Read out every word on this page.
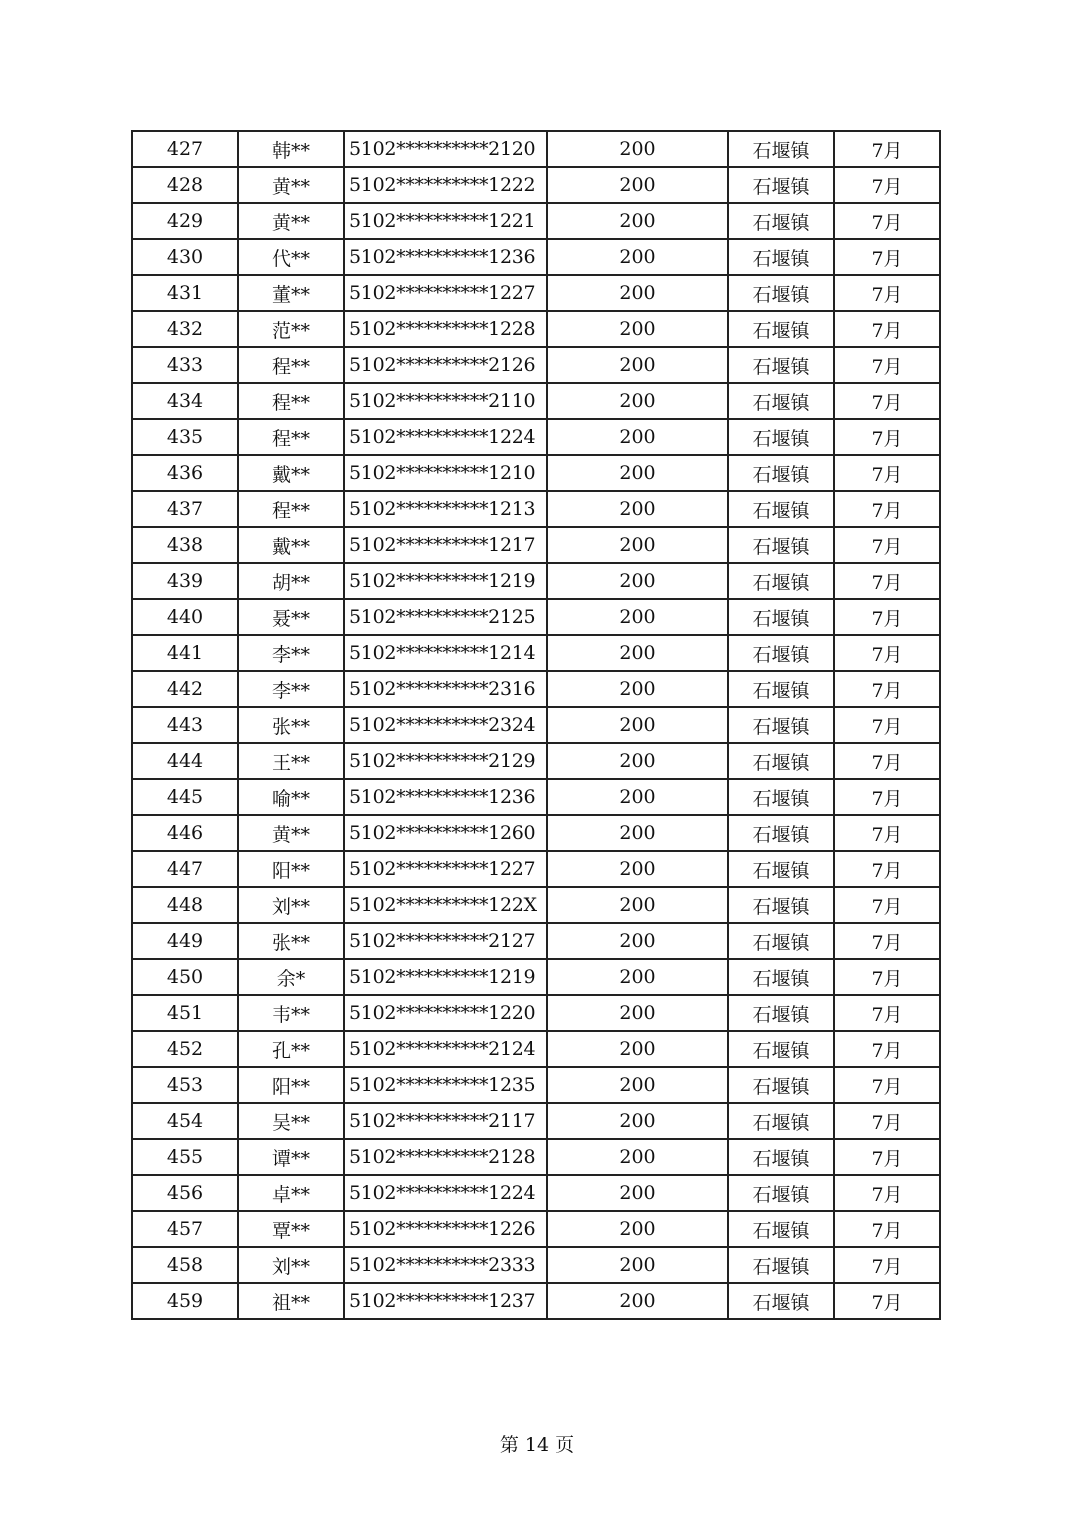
427	韩**	5102**********2120	200	石堰镇	7月
428	黄**	5102**********1222	200	石堰镇	7月
429	黄**	5102**********1221	200	石堰镇	7月
430	代**	5102**********1236	200	石堰镇	7月
431	董**	5102**********1227	200	石堰镇	7月
432	范**	5102**********1228	200	石堰镇	7月
433	程**	5102**********2126	200	石堰镇	7月
434	程**	5102**********2110	200	石堰镇	7月
435	程**	5102**********1224	200	石堰镇	7月
436	戴**	5102**********1210	200	石堰镇	7月
437	程**	5102**********1213	200	石堰镇	7月
438	戴**	5102**********1217	200	石堰镇	7月
439	胡**	5102**********1219	200	石堰镇	7月
440	聂**	5102**********2125	200	石堰镇	7月
441	李**	5102**********1214	200	石堰镇	7月
442	李**	5102**********2316	200	石堰镇	7月
443	张**	5102**********2324	200	石堰镇	7月
444	王**	5102**********2129	200	石堰镇	7月
445	喻**	5102**********1236	200	石堰镇	7月
446	黄**	5102**********1260	200	石堰镇	7月
447	阳**	5102**********1227	200	石堰镇	7月
448	刘**	5102**********122X	200	石堰镇	7月
449	张**	5102**********2127	200	石堰镇	7月
450	余*	5102**********1219	200	石堰镇	7月
451	韦**	5102**********1220	200	石堰镇	7月
452	孔**	5102**********2124	200	石堰镇	7月
453	阳**	5102**********1235	200	石堰镇	7月
454	吴**	5102**********2117	200	石堰镇	7月
455	谭**	5102**********2128	200	石堰镇	7月
456	卓**	5102**********1224	200	石堰镇	7月
457	覃**	5102**********1226	200	石堰镇	7月
458	刘**	5102**********2333	200	石堰镇	7月
459	祖**	5102**********1237	200	石堰镇	7月
第 14 页
